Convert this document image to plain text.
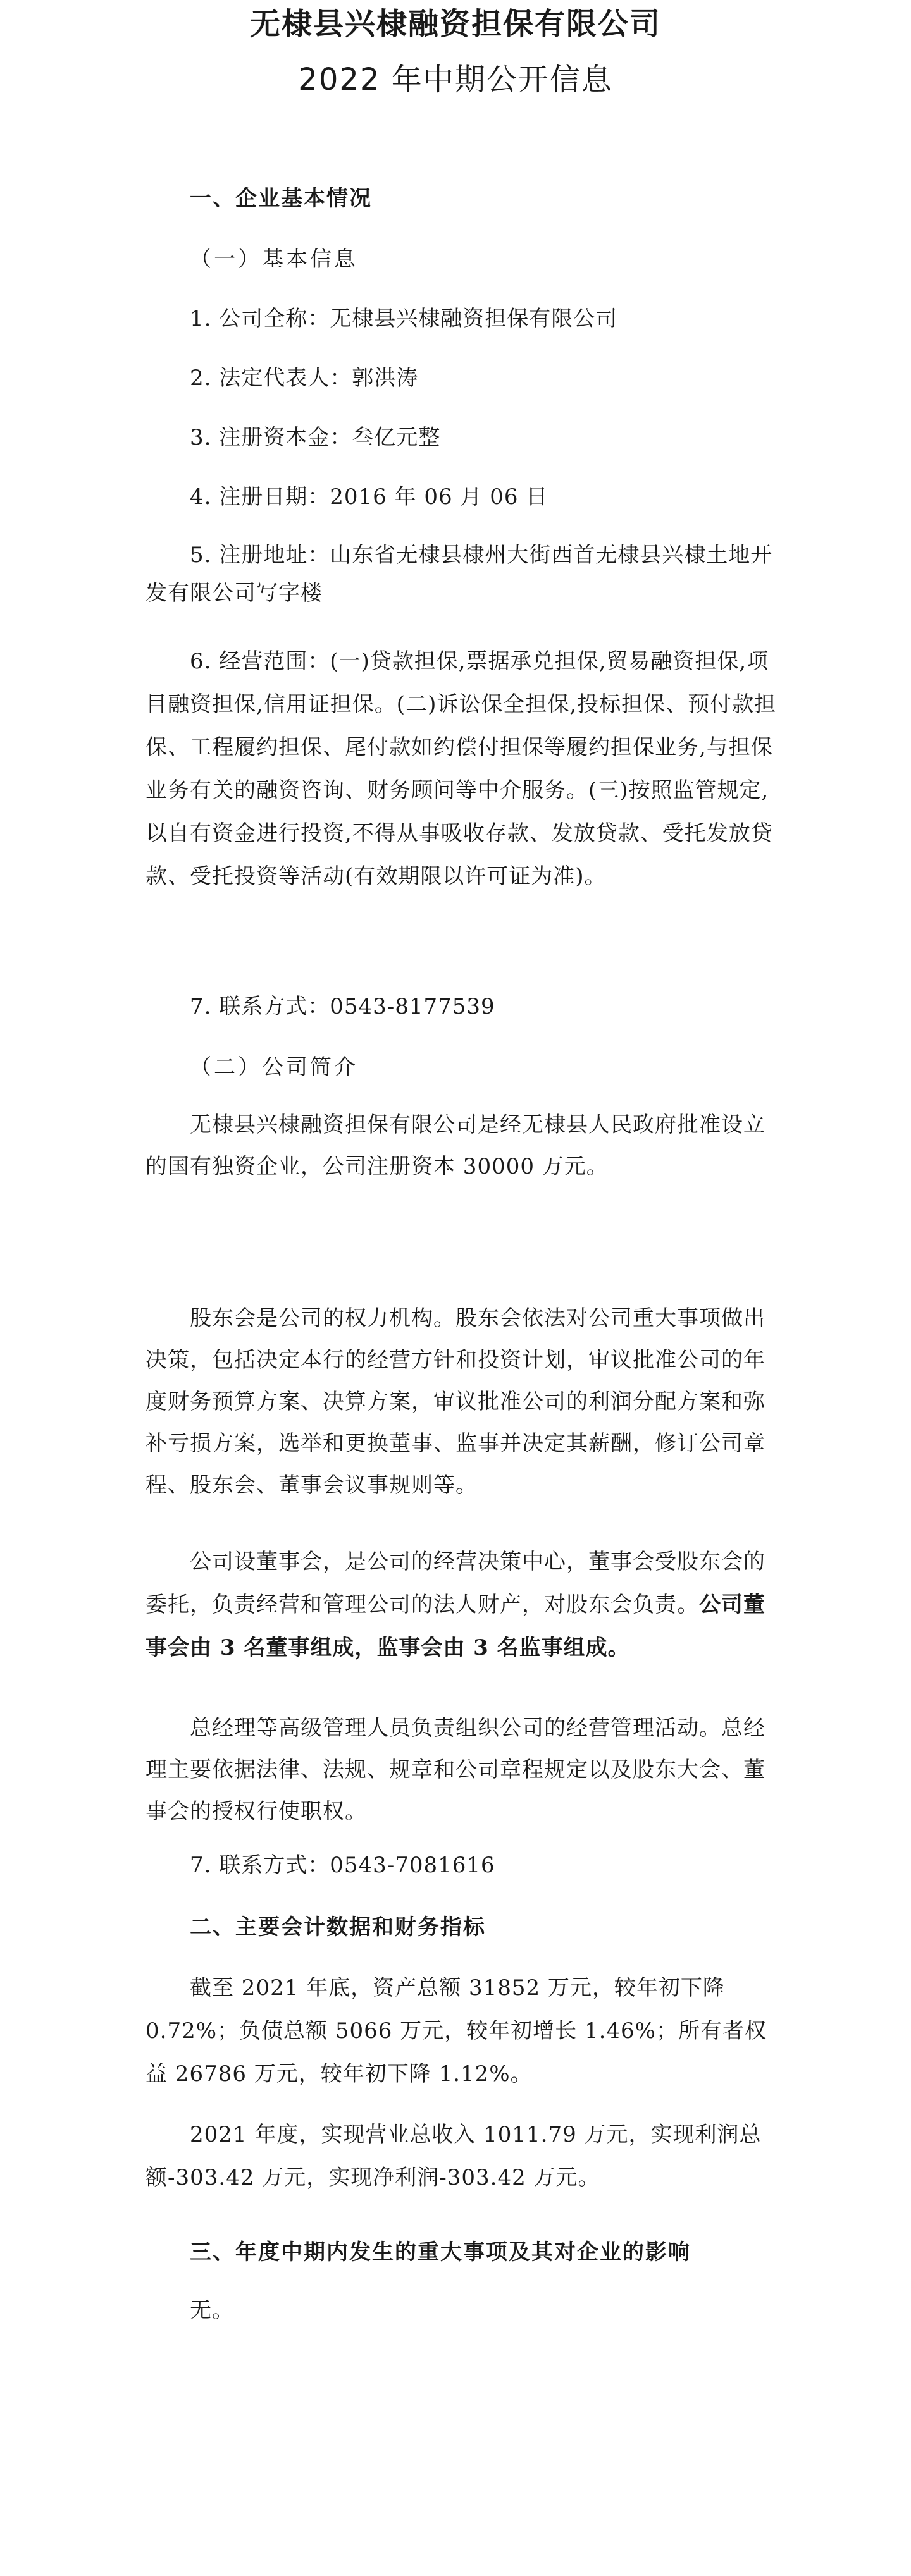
无棣县兴棣融资担保有限公司
2022 年中期公开信息

一、企业基本情况

（一）基本信息

1. 公司全称：无棣县兴棣融资担保有限公司

2. 法定代表人：郭洪涛

3. 注册资本金：叁亿元整

4. 注册日期：2016 年 06 月 06 日

5. 注册地址：山东省无棣县棣州大街西首无棣县兴棣土地开发有限公司写字楼

6. 经营范围：(一)贷款担保,票据承兑担保,贸易融资担保,项目融资担保,信用证担保。(二)诉讼保全担保,投标担保、预付款担保、工程履约担保、尾付款如约偿付担保等履约担保业务,与担保业务有关的融资咨询、财务顾问等中介服务。(三)按照监管规定,以自有资金进行投资,不得从事吸收存款、发放贷款、受托发放贷款、受托投资等活动(有效期限以许可证为准)。

7. 联系方式：0543-8177539

（二）公司简介

无棣县兴棣融资担保有限公司是经无棣县人民政府批准设立的国有独资企业，公司注册资本 30000 万元。

股东会是公司的权力机构。股东会依法对公司重大事项做出决策，包括决定本行的经营方针和投资计划，审议批准公司的年度财务预算方案、决算方案，审议批准公司的利润分配方案和弥补亏损方案，选举和更换董事、监事并决定其薪酬，修订公司章程、股东会、董事会议事规则等。

公司设董事会，是公司的经营决策中心，董事会受股东会的委托，负责经营和管理公司的法人财产，对股东会负责。公司董事会由 3 名董事组成，监事会由 3 名监事组成。

总经理等高级管理人员负责组织公司的经营管理活动。总经理主要依据法律、法规、规章和公司章程规定以及股东大会、董事会的授权行使职权。

7. 联系方式：0543-7081616

二、主要会计数据和财务指标

截至 2021 年底，资产总额 31852 万元，较年初下降 0.72%；负债总额 5066 万元，较年初增长 1.46%；所有者权益 26786 万元，较年初下降 1.12%。

2021 年度，实现营业总收入 1011.79 万元，实现利润总额-303.42 万元，实现净利润-303.42 万元。

三、年度中期内发生的重大事项及其对企业的影响

无。
